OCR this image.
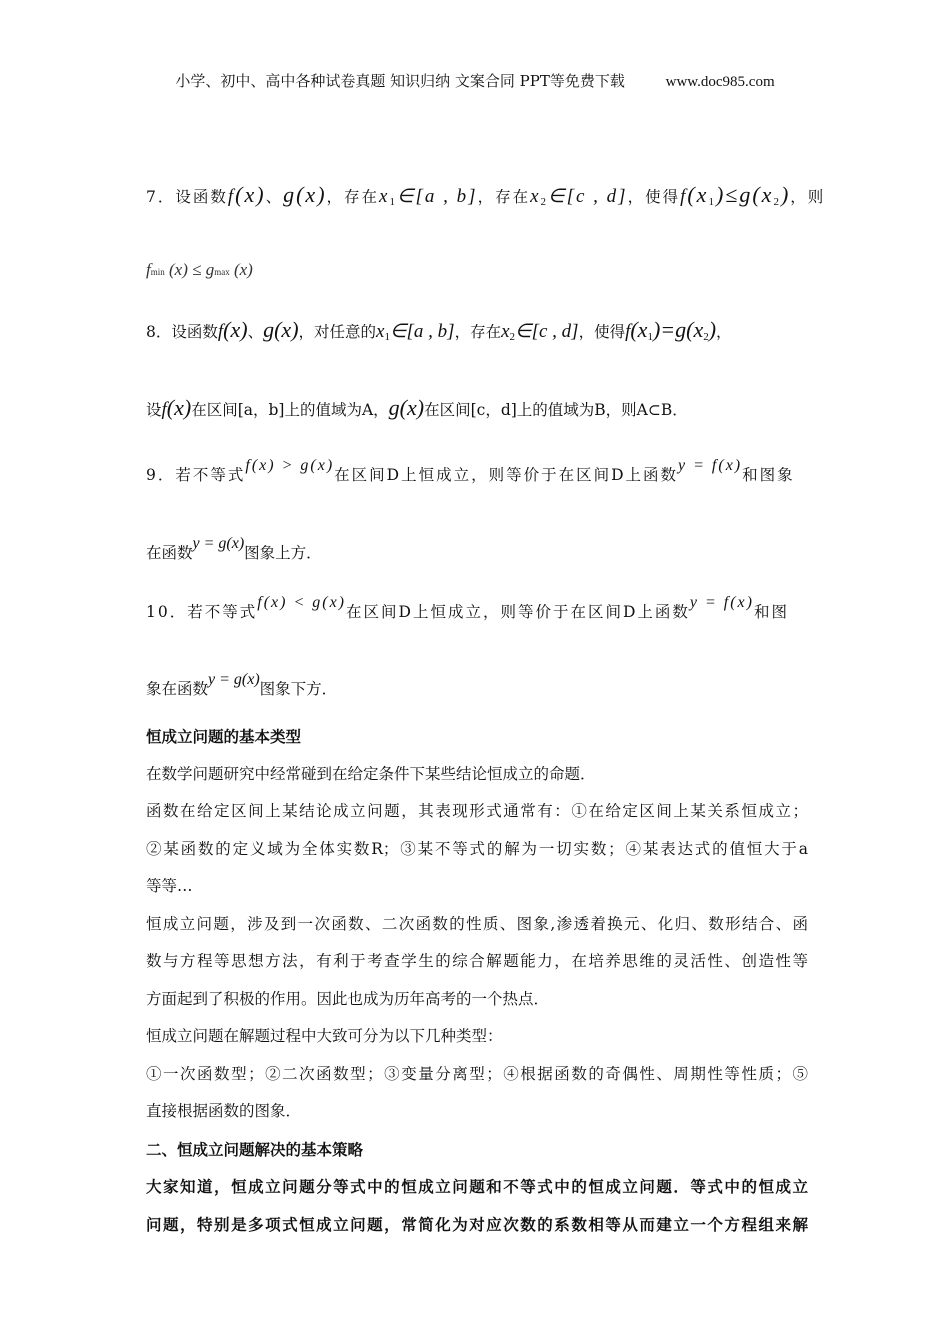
小学、初中、高中各种试卷真题 知识归纳 文案合同 PPT等免费下载	www.doc985.com
7．设函数f(x)、g(x)，存在$x_1\in[a$ , b]，存在$x_2\in[c$ , d]，使得$f(x_1)\le g(x_2)$，则
fmin (x) ≤ gmax (x)
8．设函数f(x)、g(x)，对任意的$x_1\in[a$ , b]，存在$x_2\in[c$ , d]，使得$f(x_1)=g(x_2)$，
设f(x)在区间[a，b]上的值域为A，g(x)在区间[c，d]上的值域为B，则A⊂B．
9．若不等式f(x) > g(x)在区间D上恒成立，则等价于在区间D上函数y = f(x)和图象
在函数y = g(x)图象上方．
10．若不等式f(x) < g(x)在区间D上恒成立，则等价于在区间D上函数y = f(x)和图
象在函数y = g(x)图象下方．
恒成立问题的基本类型
在数学问题研究中经常碰到在给定条件下某些结论恒成立的命题．
函数在给定区间上某结论成立问题，其表现形式通常有：①在给定区间上某关系恒成立；
②某函数的定义域为全体实数R；③某不等式的解为一切实数；④某表达式的值恒大于a
等等…
恒成立问题，涉及到一次函数、二次函数的性质、图象,渗透着换元、化归、数形结合、函
数与方程等思想方法，有利于考查学生的综合解题能力，在培养思维的灵活性、创造性等
方面起到了积极的作用。因此也成为历年高考的一个热点．
恒成立问题在解题过程中大致可分为以下几种类型：
①一次函数型；②二次函数型；③变量分离型；④根据函数的奇偶性、周期性等性质；⑤
直接根据函数的图象．
二、恒成立问题解决的基本策略
大家知道，恒成立问题分等式中的恒成立问题和不等式中的恒成立问题．等式中的恒成立
问题，特别是多项式恒成立问题，常简化为对应次数的系数相等从而建立一个方程组来解
